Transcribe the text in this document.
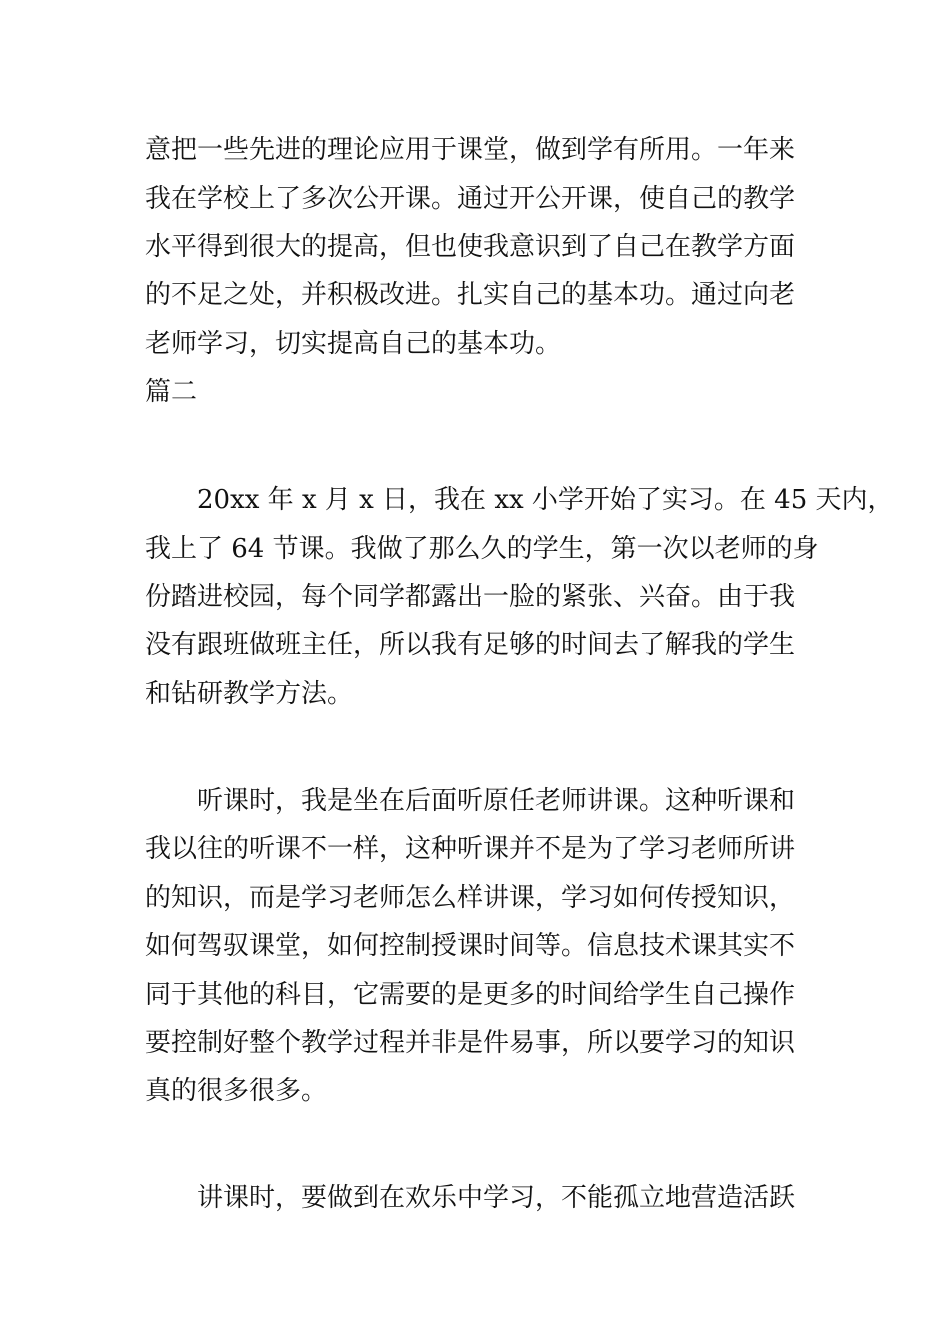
意把一些先进的理论应用于课堂，做到学有所用。一年来
我在学校上了多次公开课。通过开公开课，使自己的教学
水平得到很大的提高，但也使我意识到了自己在教学方面
的不足之处，并积极改进。扎实自己的基本功。通过向老
老师学习，切实提高自己的基本功。
篇二
20xx 年 x 月 x 日，我在 xx 小学开始了实习。在 45 天内，
我上了 64 节课。我做了那么久的学生，第一次以老师的身
份踏进校园，每个同学都露出一脸的紧张、兴奋。由于我
没有跟班做班主任，所以我有足够的时间去了解我的学生
和钻研教学方法。
听课时，我是坐在后面听原任老师讲课。这种听课和
我以往的听课不一样，这种听课并不是为了学习老师所讲
的知识，而是学习老师怎么样讲课，学习如何传授知识，
如何驾驭课堂，如何控制授课时间等。信息技术课其实不
同于其他的科目，它需要的是更多的时间给学生自己操作
要控制好整个教学过程并非是件易事，所以要学习的知识
真的很多很多。
讲课时，要做到在欢乐中学习，不能孤立地营造活跃
